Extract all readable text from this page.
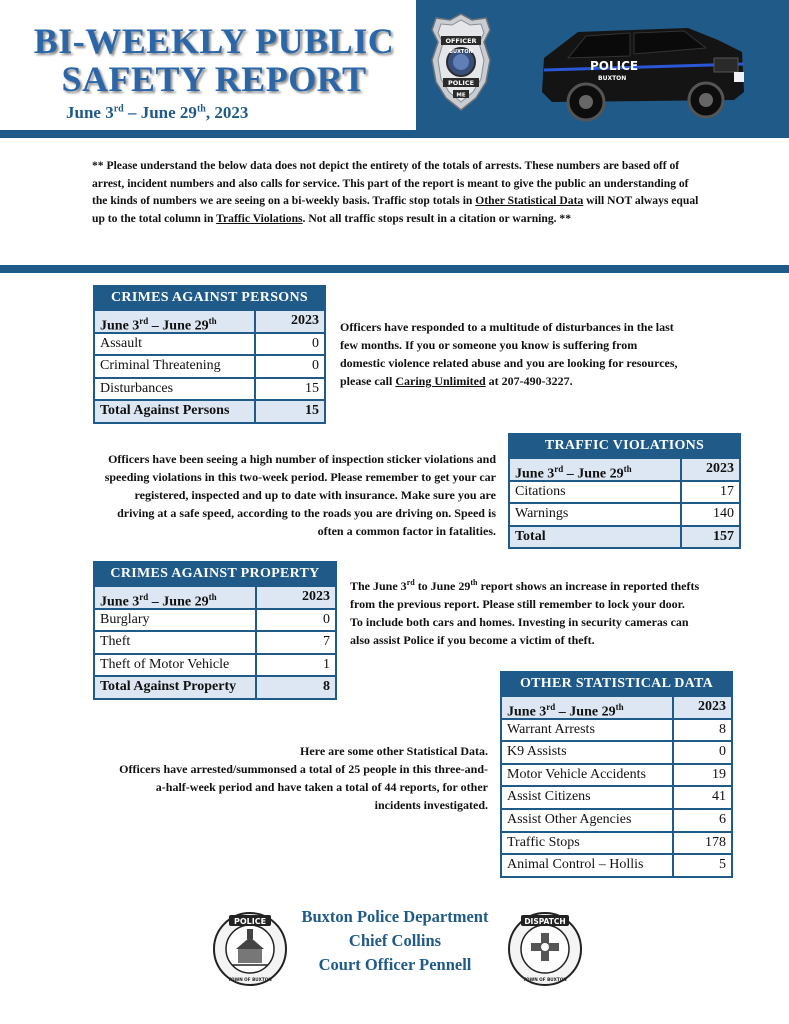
BI-WEEKLY PUBLIC
SAFETY REPORT
June 3rd – June 29th, 2023
OFFICER
BUXTON
POLICE
ME
POLICE
BUXTON
** Please understand the below data does not depict the entirety of the totals of arrests. These numbers are based off of arrest, incident numbers and also calls for service. This part of the report is meant to give the public an understanding of the kinds of numbers we are seeing on a bi-weekly basis. Traffic stop totals in Other Statistical Data will NOT always equal up to the total column in Traffic Violations. Not all traffic stops result in a citation or warning. **
CRIMES AGAINST PERSONS
June 3rd – June 29th	2023
Assault	0
Criminal Threatening	0
Disturbances	15
Total Against Persons	15
Officers have responded to a multitude of disturbances in the last few months. If you or someone you know is suffering from domestic violence related abuse and you are looking for resources, please call Caring Unlimited at 207-490-3227.
Officers have been seeing a high number of inspection sticker violations and speeding violations in this two-week period. Please remember to get your car registered, inspected and up to date with insurance. Make sure you are driving at a safe speed, according to the roads you are driving on. Speed is often a common factor in fatalities.
TRAFFIC VIOLATIONS
June 3rd – June 29th	2023
Citations	17
Warnings	140
Total	157
CRIMES AGAINST PROPERTY
June 3rd – June 29th	2023
Burglary	0
Theft	7
Theft of Motor Vehicle	1
Total Against Property	8
The June 3rd to June 29th report shows an increase in reported thefts from the previous report. Please still remember to lock your door. To include both cars and homes. Investing in security cameras can also assist Police if you become a victim of theft.
Here are some other Statistical Data.
Officers have arrested/summonsed a total of 25 people in this three-and-a-half-week period and have taken a total of 44 reports, for other incidents investigated.
OTHER STATISTICAL DATA
June 3rd – June 29th	2023
Warrant Arrests	8
K9 Assists	0
Motor Vehicle Accidents	19
Assist Citizens	41
Assist Other Agencies	6
Traffic Stops	178
Animal Control – Hollis	5
POLICE
TOWN OF BUXTON
Buxton Police Department
Chief Collins
Court Officer Pennell
DISPATCH
TOWN OF BUXTON
